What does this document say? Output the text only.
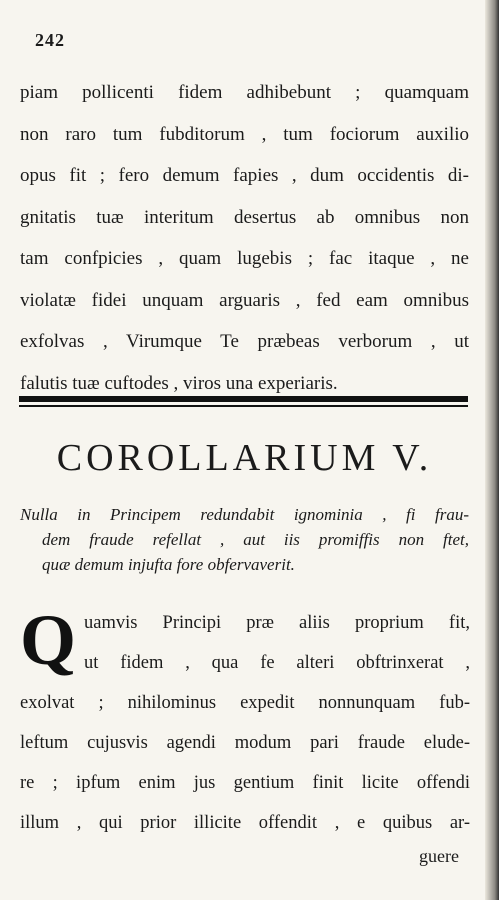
242
piam pollicenti fidem adhibebunt ; quamquam
non raro tum fubditorum , tum fociorum auxilio
opus fit ; fero demum fapies , dum occidentis di-
gnitatis tuæ interitum desertus ab omnibus non
tam confpicies , quam lugebis ; fac itaque , ne
violatæ fidei unquam arguaris , fed eam omnibus
exfolvas , Virumque Te præbeas verborum , ut
falutis tuæ cuftodes , viros una experiaris.
COROLLARIUM V.
Nulla in Principem redundabit ignominia , fi frau-
dem fraude refellat , aut iis promiffis non ftet,
quæ demum injufta fore obfervaverit.
Q uamvis Principi præ aliis proprium fit,
ut fidem , qua fe alteri obftrinxerat ,
exolvat ; nihilominus expedit nonnunquam fub-
leftum cujusvis agendi modum pari fraude elude-
re ; ipfum enim jus gentium finit licite offendi
illum , qui prior illicite offendit , e quibus ar-
guere
